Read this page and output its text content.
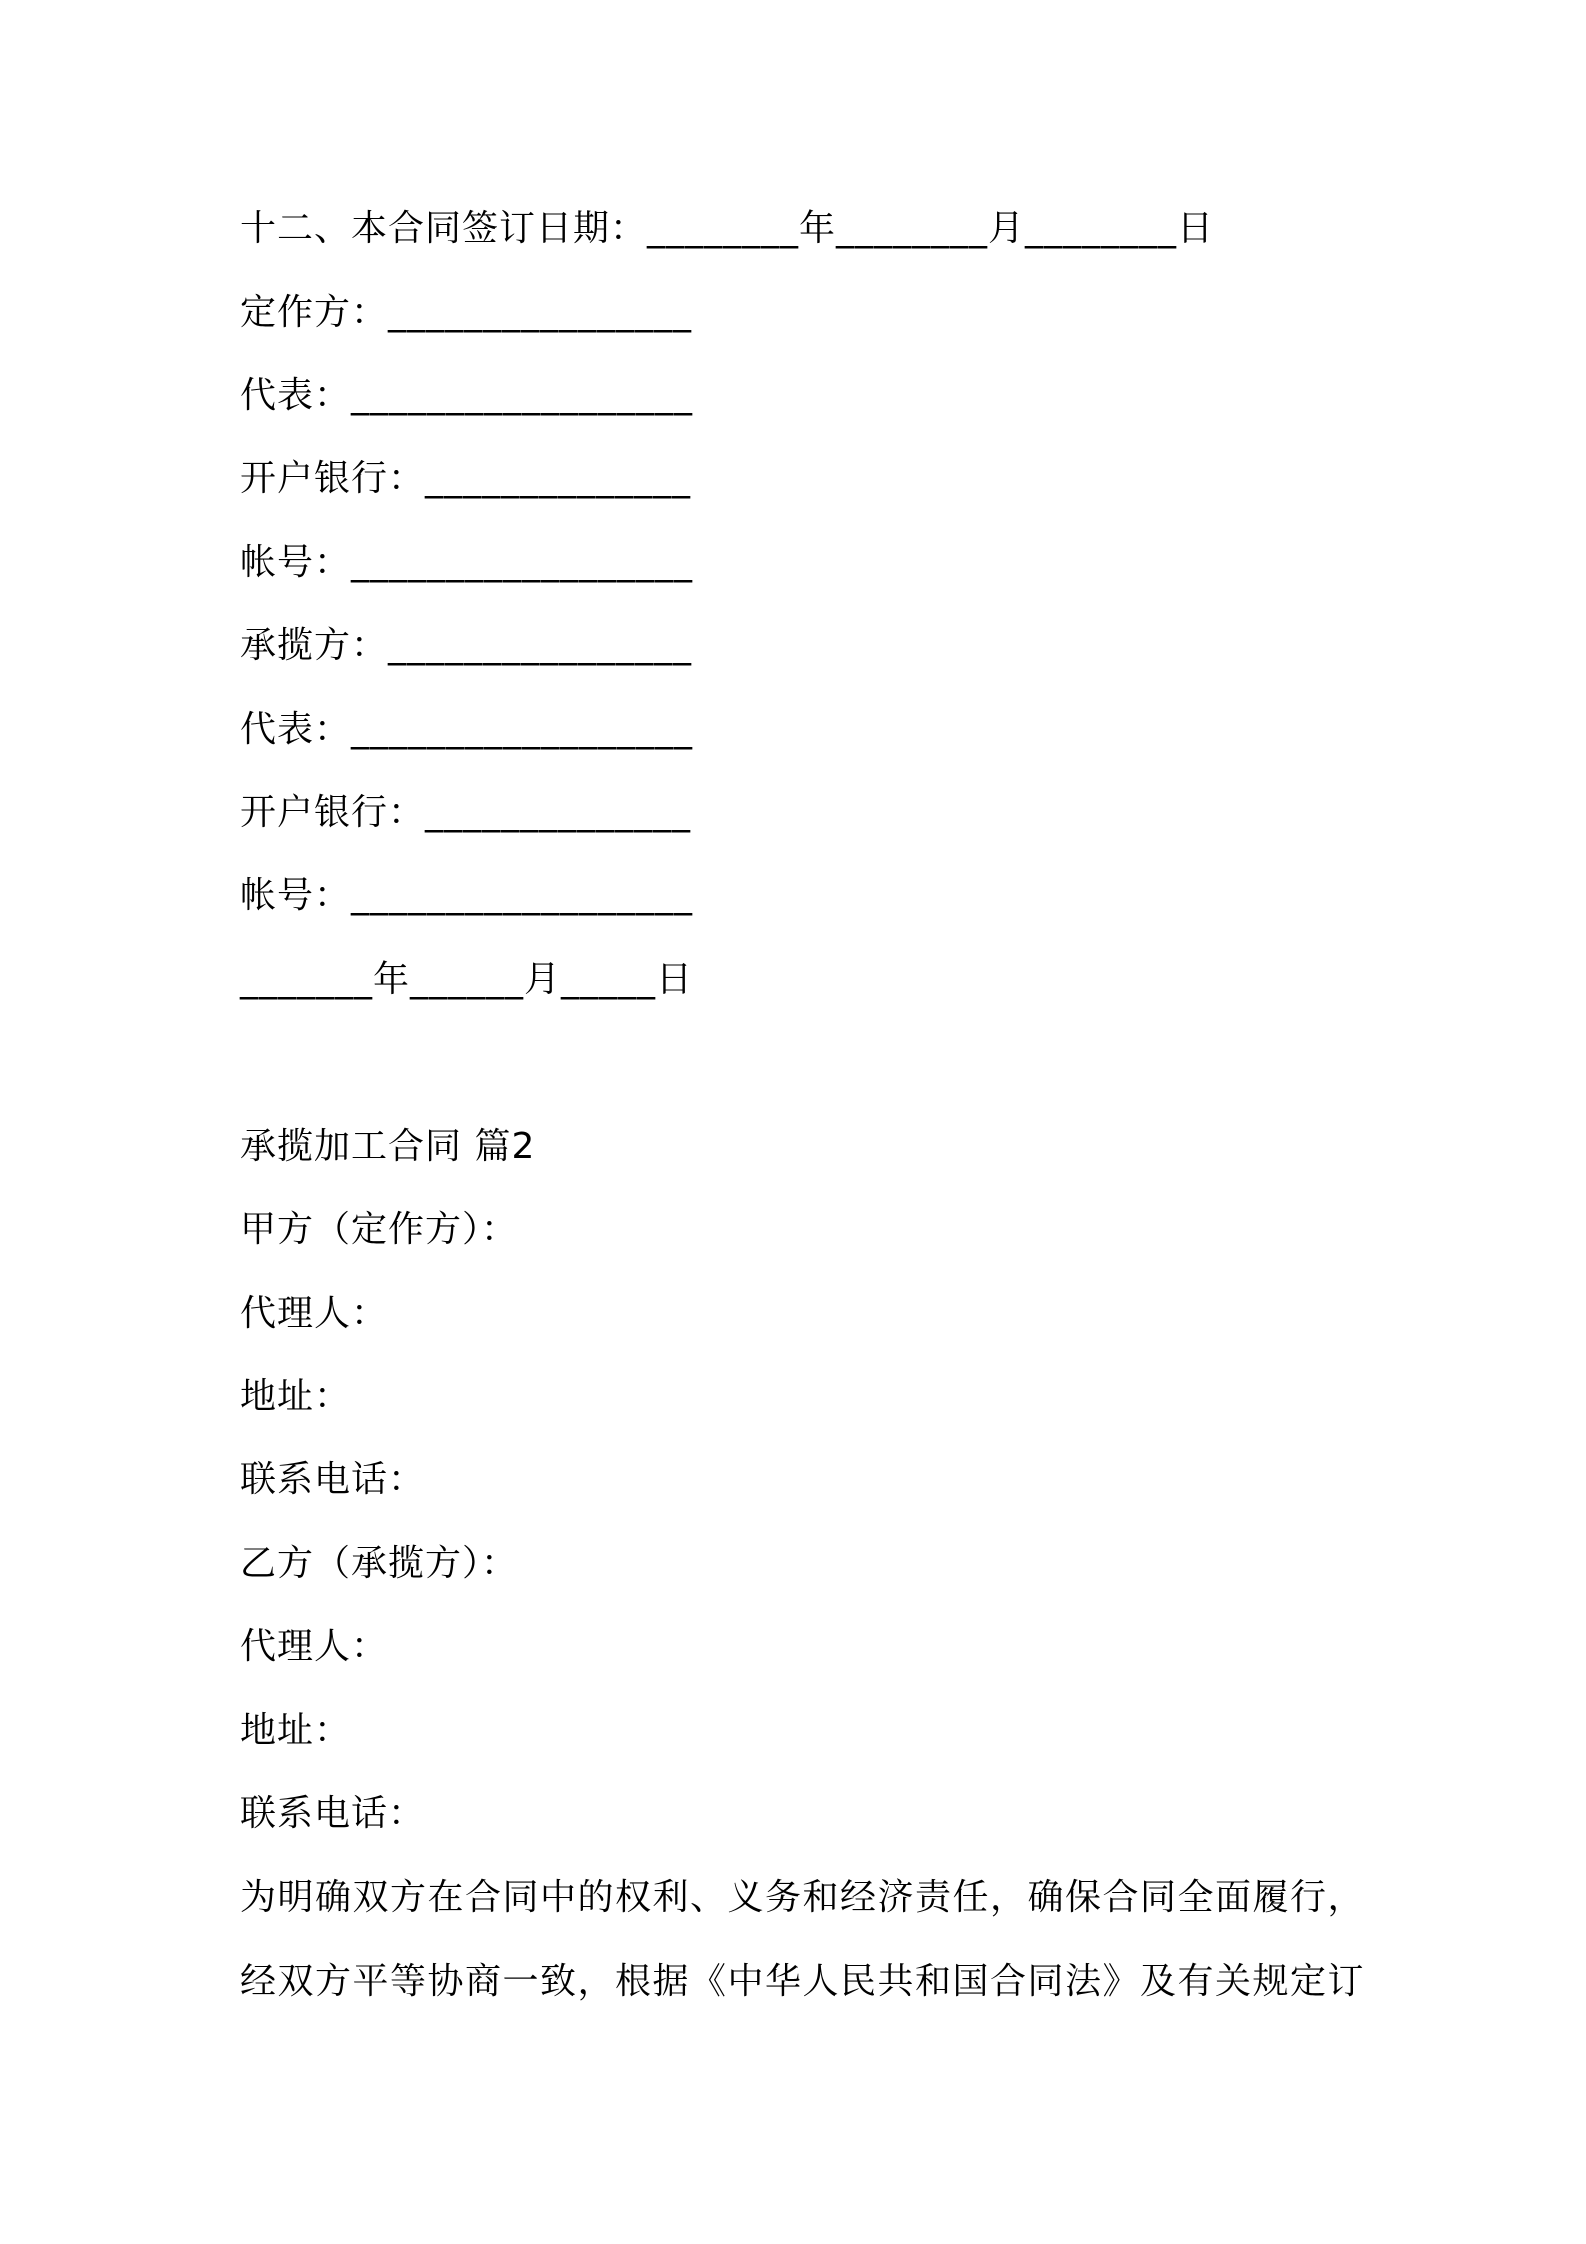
十二、本合同签订日期：________年________月________日
定作方：________________
代表：__________________
开户银行：______________
帐号：__________________
承揽方：________________
代表：__________________
开户银行：______________
帐号：__________________
_______年______月_____日
承揽加工合同 篇2
甲方（定作方）：
代理人：
地址：
联系电话：
乙方（承揽方）：
代理人：
地址：
联系电话：
为明确双方在合同中的权利、义务和经济责任，确保合同全面履行，经双方平等协商一致，根据《中华人民共和国合同法》及有关规定订
